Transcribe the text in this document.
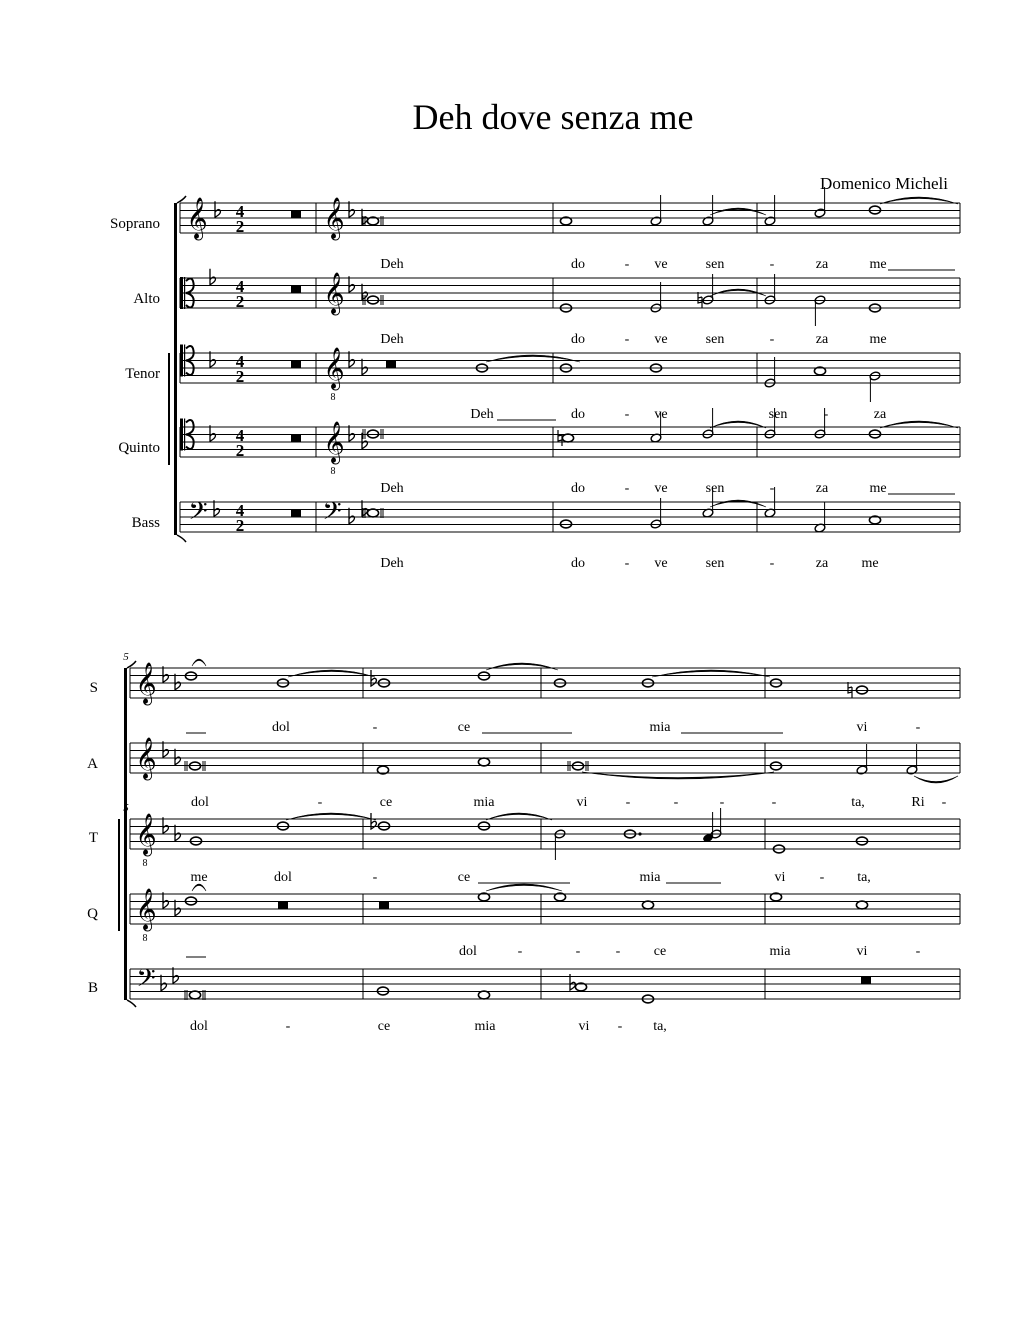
Deh dove senza me
Domenico Micheli
Soprano
Alto
Tenor
Quinto
Bass
S
A
T
Q
B
𝄞 4
2 𝄞
4
2 𝄞
4
2 𝄞
8
4
2 𝄞
8
𝄢 4
2	𝄢
5
5
𝄞
𝄞
𝄞
8
𝄞
8
𝄢
Deh	do	- ve	sen	-	za	me
Deh	do	- ve	sen	-	za	me
Deh	do	- ve	sen	-	za
Deh	do	- ve	sen	-	za	me
Deh	do	- ve	sen	-	za me
dol	-	ce	mia	vi	-
dol	-	ce	mia	vi	-	-	-	-	ta,	Ri -
me	dol	-	ce	mia	vi - ta,
dol	-	-	- ce	mia	vi	-
dol	-	ce	mia	vi - ta,
